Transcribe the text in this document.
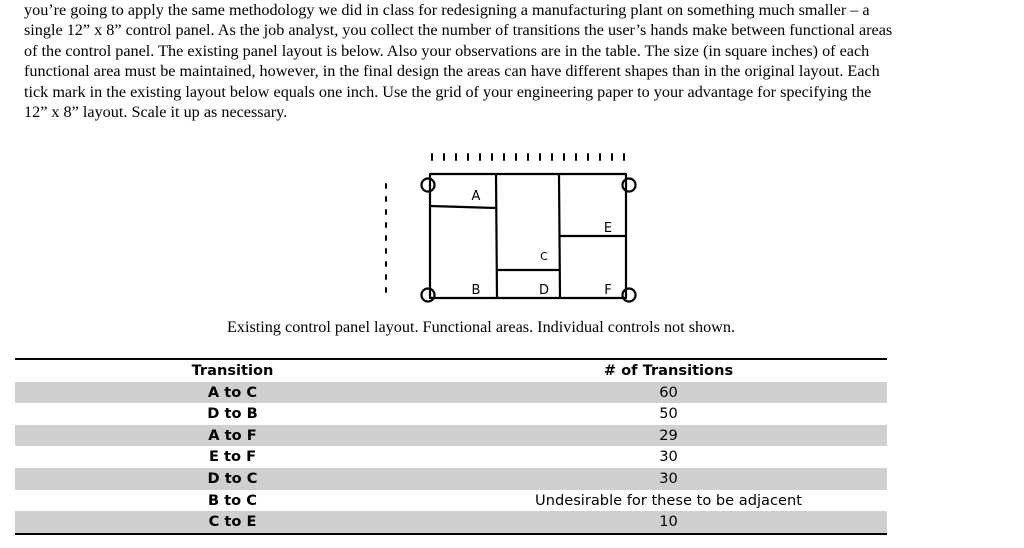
you’re going to apply the same methodology we did in class for redesigning a manufacturing plant on something much smaller – a
single 12” x 8” control panel. As the job analyst, you collect the number of transitions the user’s hands make between functional areas
of the control panel. The existing panel layout is below. Also your observations are in the table. The size (in square inches) of each
functional area must be maintained, however, in the final design the areas can have different shapes than in the original layout. Each
tick mark in the existing layout below equals one inch. Use the grid of your engineering paper to your advantage for specifying the
12” x 8” layout. Scale it up as necessary.
A
B
C
D
E
F
Existing control panel layout. Functional areas. Individual controls not shown.
Transition	# of Transitions
A to C	60
D to B	50
A to F	29
E to F	30
D to C	30
B to C	Undesirable for these to be adjacent
C to E	10
